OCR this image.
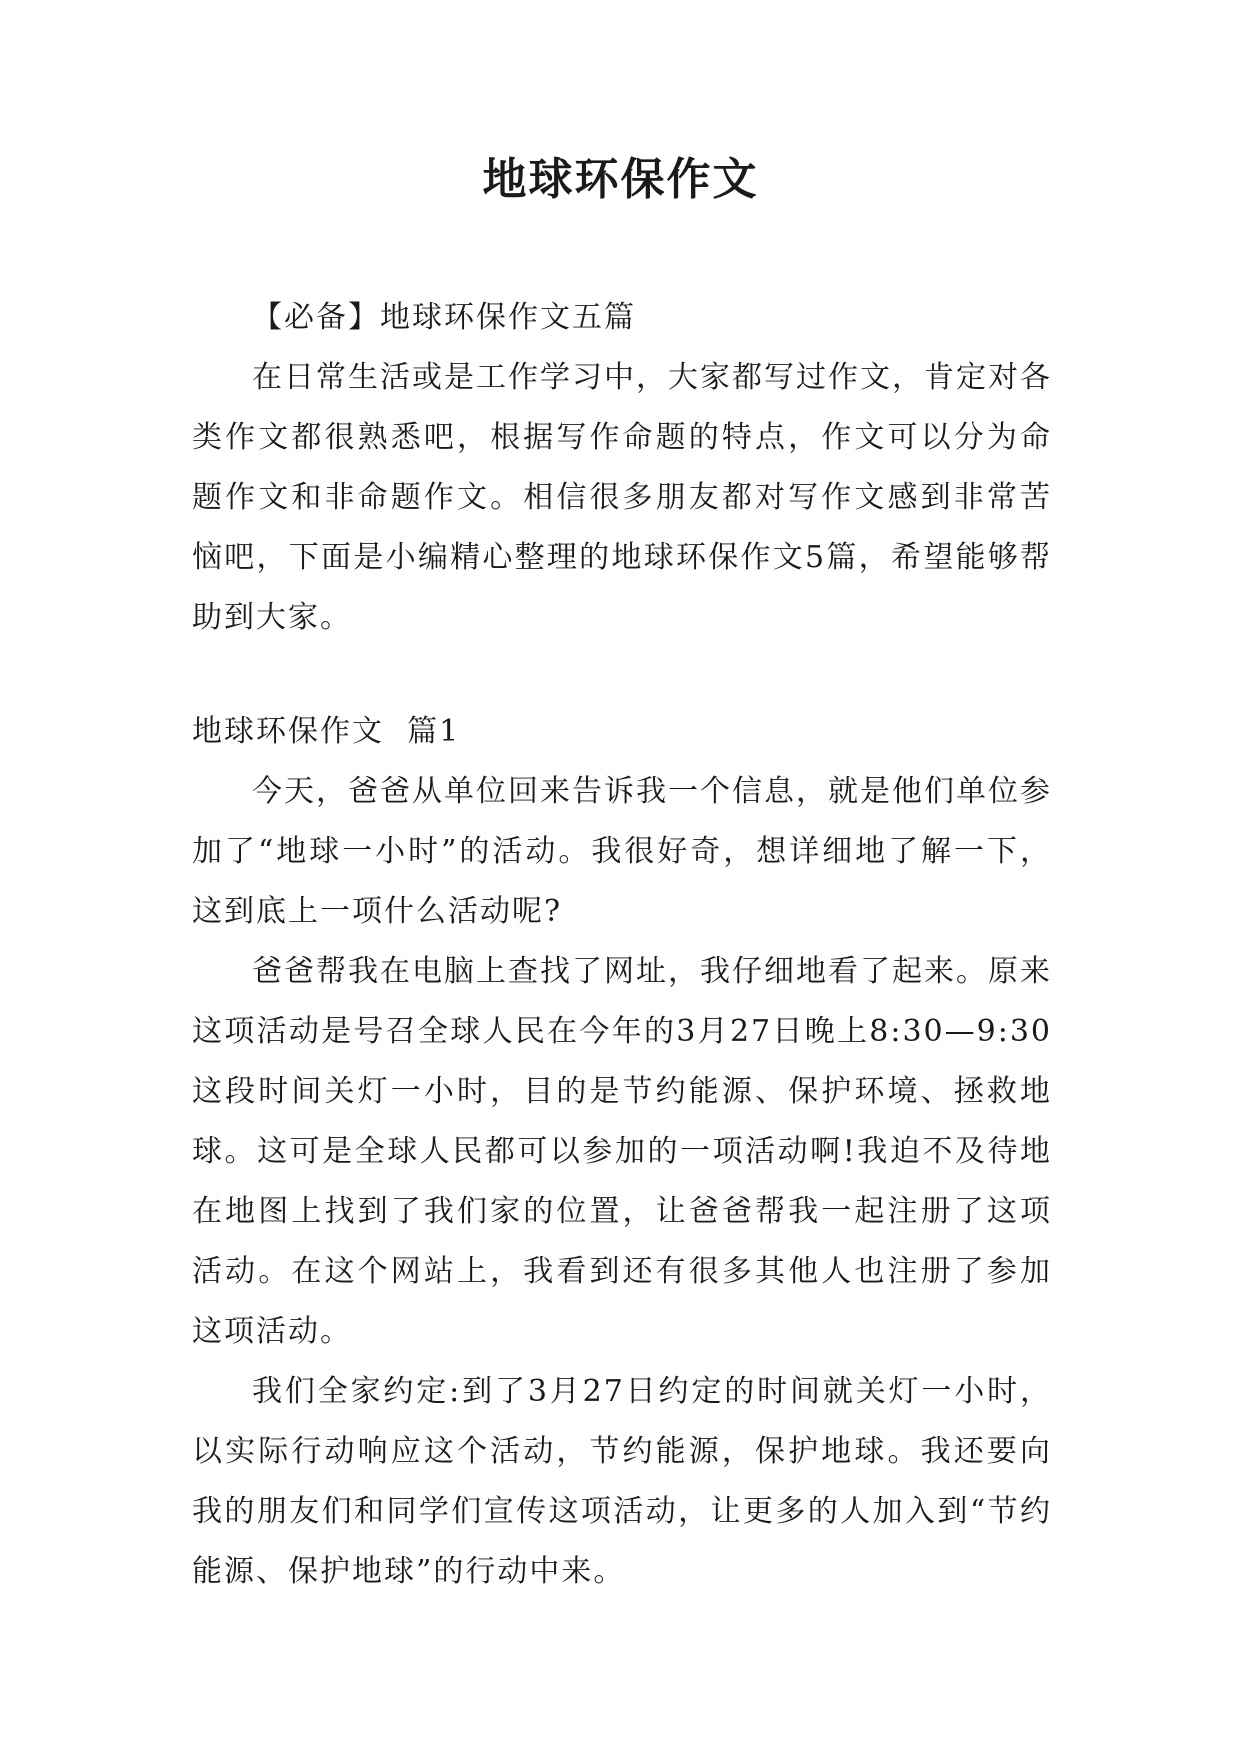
地球环保作文

【必备】地球环保作文五篇

在日常生活或是工作学习中，大家都写过作文，肯定对各类作文都很熟悉吧，根据写作命题的特点，作文可以分为命题作文和非命题作文。相信很多朋友都对写作文感到非常苦恼吧，下面是小编精心整理的地球环保作文5篇，希望能够帮助到大家。

地球环保作文  篇1

今天，爸爸从单位回来告诉我一个信息，就是他们单位参加了“地球一小时”的活动。我很好奇，想详细地了解一下，这到底上一项什么活动呢?

爸爸帮我在电脑上查找了网址，我仔细地看了起来。原来这项活动是号召全球人民在今年的3月27日晚上8:30—9:30这段时间关灯一小时，目的是节约能源、保护环境、拯救地球。这可是全球人民都可以参加的一项活动啊!我迫不及待地在地图上找到了我们家的位置，让爸爸帮我一起注册了这项活动。在这个网站上，我看到还有很多其他人也注册了参加这项活动。

我们全家约定:到了3月27日约定的时间就关灯一小时，以实际行动响应这个活动，节约能源，保护地球。我还要向我的朋友们和同学们宣传这项活动，让更多的人加入到“节约能源、保护地球”的行动中来。
